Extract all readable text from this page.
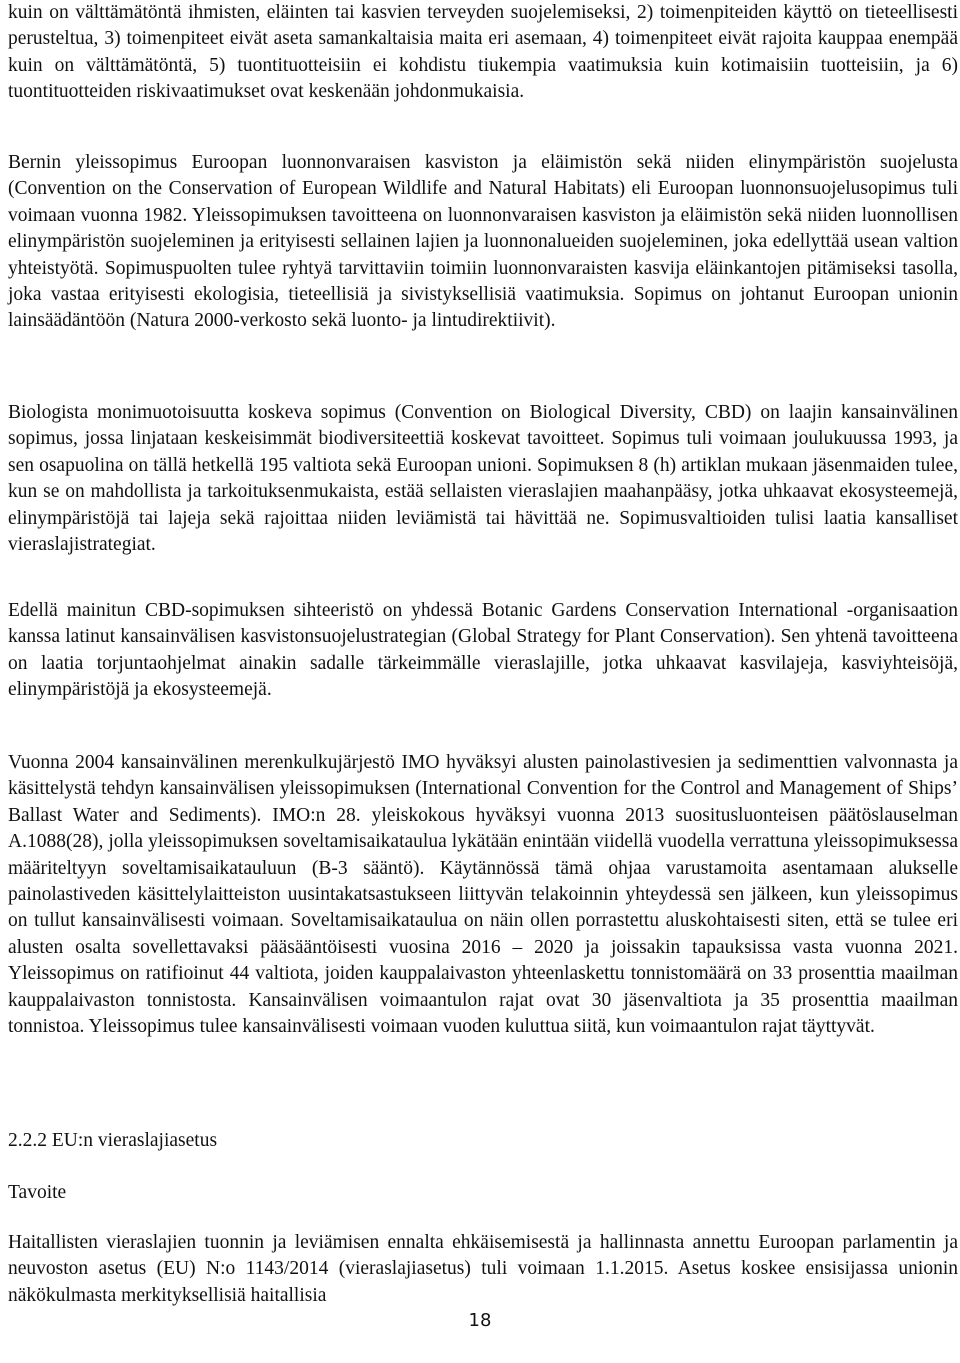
kuin on välttämätöntä ihmisten, eläinten tai kasvien terveyden suojelemiseksi, 2) toimenpiteiden käyttö on tieteellisesti perusteltua, 3) toimenpiteet eivät aseta samankaltaisia maita eri asemaan, 4) toimenpiteet eivät rajoita kauppaa enempää kuin on välttämätöntä, 5) tuontituotteisiin ei kohdistu tiukempia vaatimuksia kuin kotimaisiin tuotteisiin, ja 6) tuontituotteiden riskivaatimukset ovat keskenään johdonmukaisia.

Bernin yleissopimus Euroopan luonnonvaraisen kasviston ja eläimistön sekä niiden elinympäristön suojelusta (Convention on the Conservation of European Wildlife and Natural Habitats) eli Euroopan luonnonsuojelusopimus tuli voimaan vuonna 1982. Yleissopimuksen tavoitteena on luonnonvaraisen kasviston ja eläimistön sekä niiden luonnollisen elinympäristön suojeleminen ja erityisesti sellainen lajien ja luonnonalueiden suojeleminen, joka edellyttää usean valtion yhteistyötä. Sopimuspuolten tulee ryhtyä tarvittaviin toimiin luonnonvaraisten kasvija eläinkantojen pitämiseksi tasolla, joka vastaa erityisesti ekologisia, tieteellisiä ja sivistyksellisiä vaatimuksia. Sopimus on johtanut Euroopan unionin lainsäädäntöön (Natura 2000-verkosto sekä luonto- ja lintudirektiivit).

Biologista monimuotoisuutta koskeva sopimus (Convention on Biological Diversity, CBD) on laajin kansainvälinen sopimus, jossa linjataan keskeisimmät biodiversiteettiä koskevat tavoitteet. Sopimus tuli voimaan joulukuussa 1993, ja sen osapuolina on tällä hetkellä 195 valtiota sekä Euroopan unioni. Sopimuksen 8 (h) artiklan mukaan jäsenmaiden tulee, kun se on mahdollista ja tarkoituksenmukaista, estää sellaisten vieraslajien maahanpääsy, jotka uhkaavat ekosysteemejä, elinympäristöjä tai lajeja sekä rajoittaa niiden leviämistä tai hävittää ne. Sopimusvaltioiden tulisi laatia kansalliset vieraslajistrategiat.

Edellä mainitun CBD-sopimuksen sihteeristö on yhdessä Botanic Gardens Conservation International -organisaation kanssa latinut kansainvälisen kasvistonsuojelustrategian (Global Strategy for Plant Conservation). Sen yhtenä tavoitteena on laatia torjuntaohjelmat ainakin sadalle tärkeimmälle vieraslajille, jotka uhkaavat kasvilajeja, kasviyhteisöjä, elinympäristöjä ja ekosysteemejä.

Vuonna 2004 kansainvälinen merenkulkujärjestö IMO hyväksyi alusten painolastivesien ja sedimenttien valvonnasta ja käsittelystä tehdyn kansainvälisen yleissopimuksen (International Convention for the Control and Management of Ships’ Ballast Water and Sediments). IMO:n 28. yleiskokous hyväksyi vuonna 2013 suositusluonteisen päätöslauselman A.1088(28), jolla yleissopimuksen soveltamisaikataulua lykätään enintään viidellä vuodella verrattuna yleissopimuksessa määriteltyyn soveltamisaikatauluun (B-3 sääntö). Käytännössä tämä ohjaa varustamoita asentamaan alukselle painolastiveden käsittelylaitteiston uusintakatsastukseen liittyvän telakoinnin yhteydessä sen jälkeen, kun yleissopimus on tullut kansainvälisesti voimaan. Soveltamisaikataulua on näin ollen porrastettu aluskohtaisesti siten, että se tulee eri alusten osalta sovellettavaksi pääsääntöisesti vuosina 2016 – 2020 ja joissakin tapauksissa vasta vuonna 2021. Yleissopimus on ratifioinut 44 valtiota, joiden kauppalaivaston yhteenlaskettu tonnistomäärä on 33 prosenttia maailman kauppalaivaston tonnistosta. Kansainvälisen voimaantulon rajat ovat 30 jäsenvaltiota ja 35 prosenttia maailman tonnistoa. Yleissopimus tulee kansainvälisesti voimaan vuoden kuluttua siitä, kun voimaantulon rajat täyttyvät.

2.2.2 EU:n vieraslajiasetus

Tavoite

Haitallisten vieraslajien tuonnin ja leviämisen ennalta ehkäisemisestä ja hallinnasta annettu Euroopan parlamentin ja neuvoston asetus (EU) N:o 1143/2014 (vieraslajiasetus) tuli voimaan 1.1.2015. Asetus koskee ensisijassa unionin näkökulmasta merkityksellisiä haitallisia

18
